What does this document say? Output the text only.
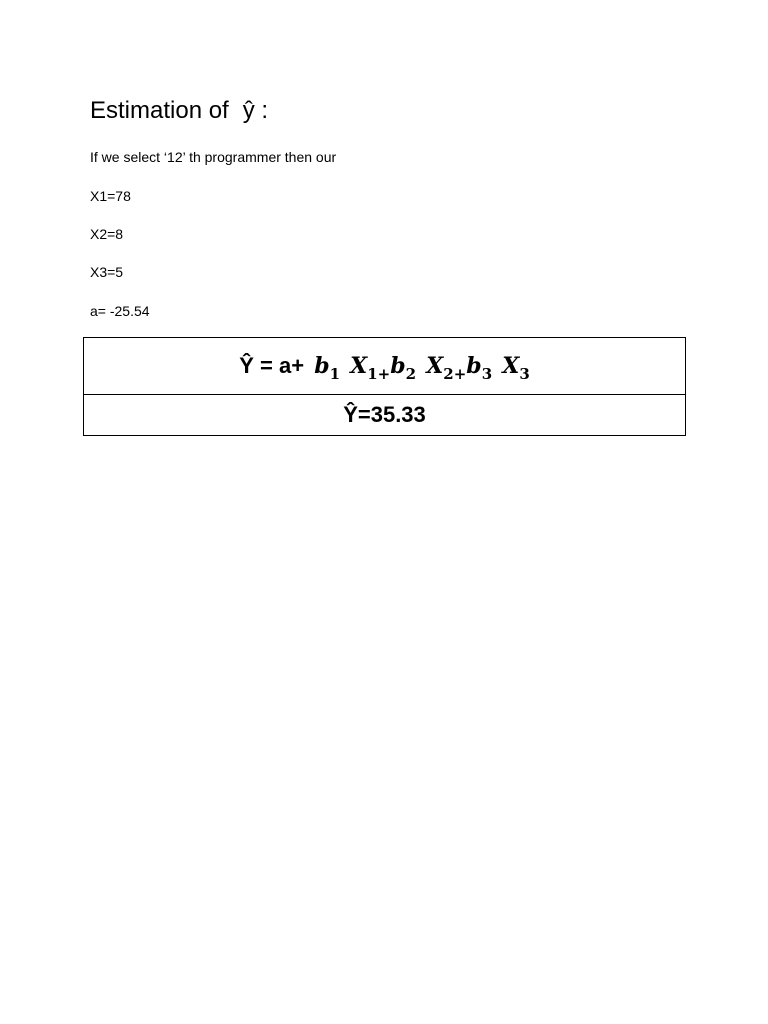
Estimation of ŷ :
If we select ‘12’ th programmer then our
X1=78
X2=8
X3=5
a= -25.54
Ŷ = $a+ b_1$ $X_{1+}b_2$ $X_{2+}b_3$ $X_3$
Ŷ=35.33
